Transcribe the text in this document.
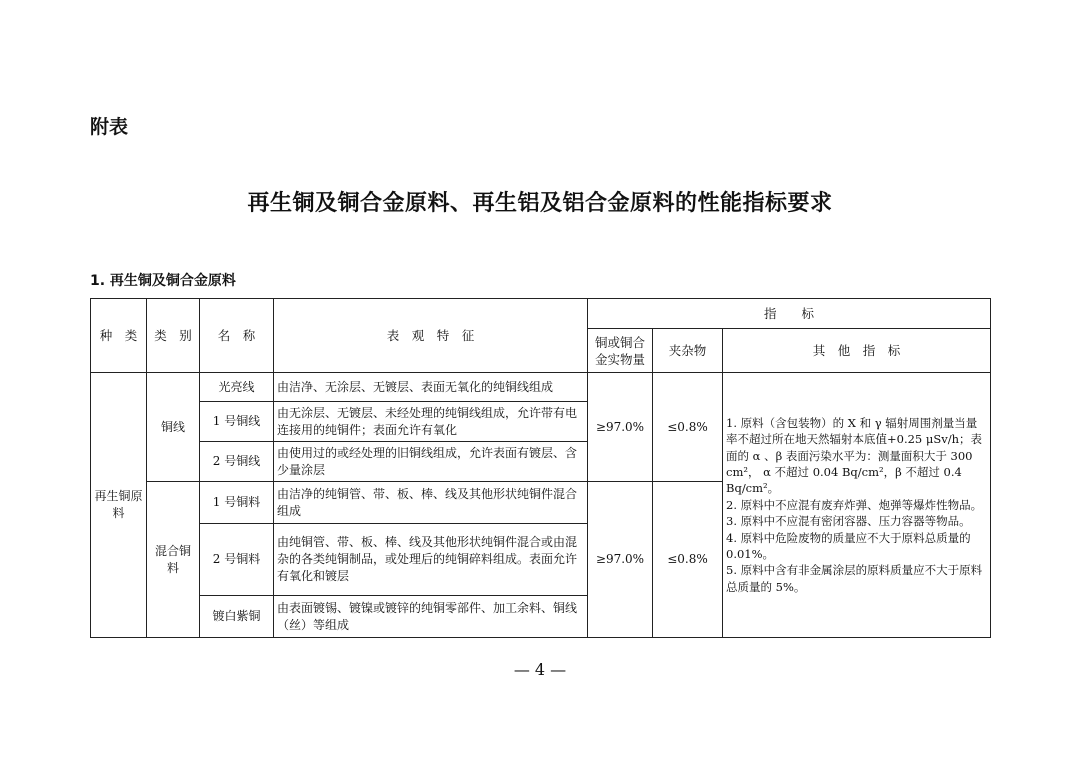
附表
再生铜及铜合金原料、再生铝及铝合金原料的性能指标要求
1. 再生铜及铜合金原料
种　类	类　别	名　称	表　观　特　征	指　　标		
				铜或铜合金实物量	夹杂物	其　他　指　标
再生铜原料	铜线	光亮线	由洁净、无涂层、无镀层、表面无氧化的纯铜线组成	≥97.0%	≤0.8%	1. 原料（含包装物）的 X 和 γ 辐射周围剂量当量率不超过所在地天然辐射本底值+0.25 μSv/h；表面的 α 、β 表面污染水平为：测量面积大于 300 cm²， α 不超过 0.04 Bq/cm²，β 不超过 0.4 Bq/cm²。
2. 原料中不应混有废弃炸弹、炮弹等爆炸性物品。
3. 原料中不应混有密闭容器、压力容器等物品。
4. 原料中危险废物的质量应不大于原料总质量的 0.01%。
5. 原料中含有非金属涂层的原料质量应不大于原料总质量的 5%。

		1 号铜线	由无涂层、无镀层、未经处理的纯铜线组成，允许带有电连接用的纯铜件；表面允许有氧化			
		2 号铜线	由使用过的或经处理的旧铜线组成，允许表面有镀层、含少量涂层			
	混合铜料	1 号铜料	由洁净的纯铜管、带、板、棒、线及其他形状纯铜件混合组成	≥97.0%	≤0.8%	
		2 号铜料	由纯铜管、带、板、棒、线及其他形状纯铜件混合或由混杂的各类纯铜制品，或处理后的纯铜碎料组成。表面允许有氧化和镀层			
		镀白紫铜	由表面镀锡、镀镍或镀锌的纯铜零部件、加工余料、铜线（丝）等组成			
— 4 —
